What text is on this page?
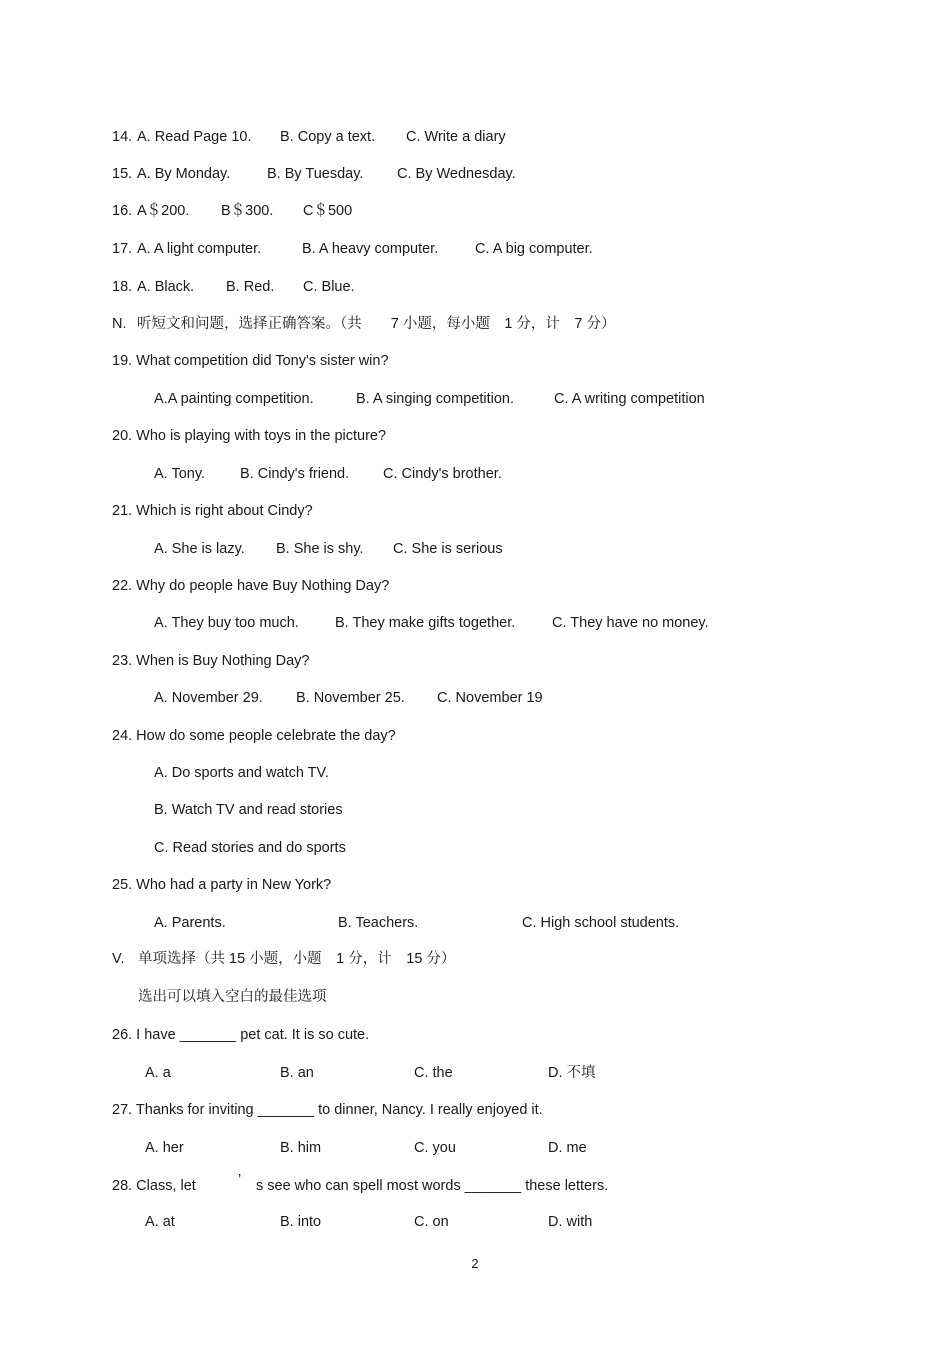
14. A. Read Page 10. B. Copy a text. C. Write a diary
15. A. By Monday.	B. By Tuesday. C. By Wednesday.
16. A＄200. B＄300. C＄500
17. A. A light computer.	B. A heavy computer.	C. A big computer.
18. A. Black. B. Red. C. Blue.
N. 听短文和问题，选择正确答案。（共　　7 小题，每小题　1 分，计　7 分）
19. What competition did Tony's sister win?
A.A painting competition.	B. A singing competition.	C. A writing competition
20. Who is playing with toys in the picture?
A. Tony. B. Cindy's friend. C. Cindy's brother.
21. Which is right about Cindy?
A. She is lazy. B. She is shy. C. She is serious
22. Why do people have Buy Nothing Day?
A. They buy too much. B. They make gifts together.	C. They have no money.
23. When is Buy Nothing Day?
A. November 29. B. November 25. C. November 19
24. How do some people celebrate the day?
A. Do sports and watch TV.
B. Watch TV and read stories
C. Read stories and do sports
25. Who had a party in New York?
A. Parents.	B. Teachers.	C. High school students.
V. 单项选择（共 15 小题，小题　1 分，计　15 分）
选出可以填入空白的最佳选项
26. I have _______ pet cat. It is so cute.
A. a	B. an	C. the	D. 不填
27. Thanks for inviting _______ to dinner, Nancy. I really enjoyed it.
A. her	B. him	C. you	D. me
28. Class, let	’ s see who can spell most words _______ these letters.
A. at	B. into	C. on	D. with
2
